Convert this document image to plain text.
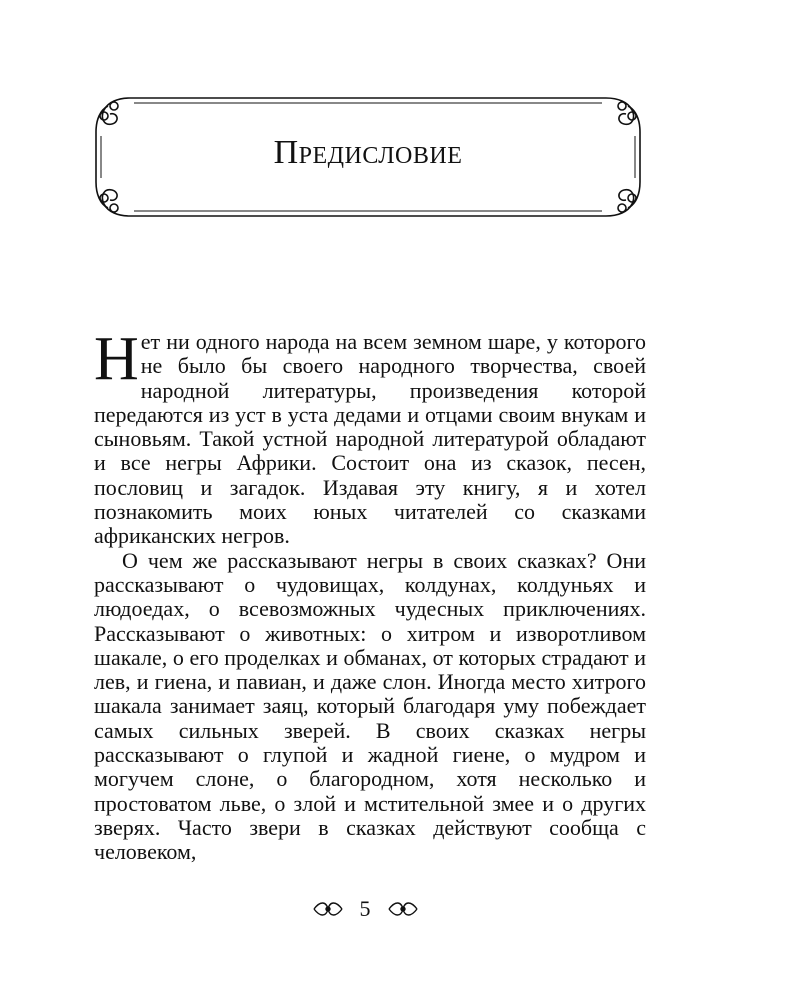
Предисловие

Нет ни одного народа на всем земном шаре, у которого не было бы своего народного творчества, своей народной литературы, произведения которой передаются из уст в уста дедами и отцами своим внукам и сыновьям. Такой устной народной литературой обладают и все негры Африки. Состоит она из сказок, песен, пословиц и загадок. Издавая эту книгу, я и хотел познакомить моих юных читателей со сказками африканских негров.

О чем же рассказывают негры в своих сказках? Они рассказывают о чудовищах, колдунах, колдуньях и людоедах, о всевозможных чудесных приключениях. Рассказывают о животных: о хитром и изворотливом шакале, о его проделках и обманах, от которых страдают и лев, и гиена, и павиан, и даже слон. Иногда место хитрого шакала занимает заяц, который благодаря уму побеждает самых сильных зверей. В своих сказках негры рассказывают о глупой и жадной гиене, о мудром и могучем слоне, о благородном, хотя несколько и простоватом льве, о злой и мстительной змее и о других зверях. Часто звери в сказках действуют сообща с человеком,

5
